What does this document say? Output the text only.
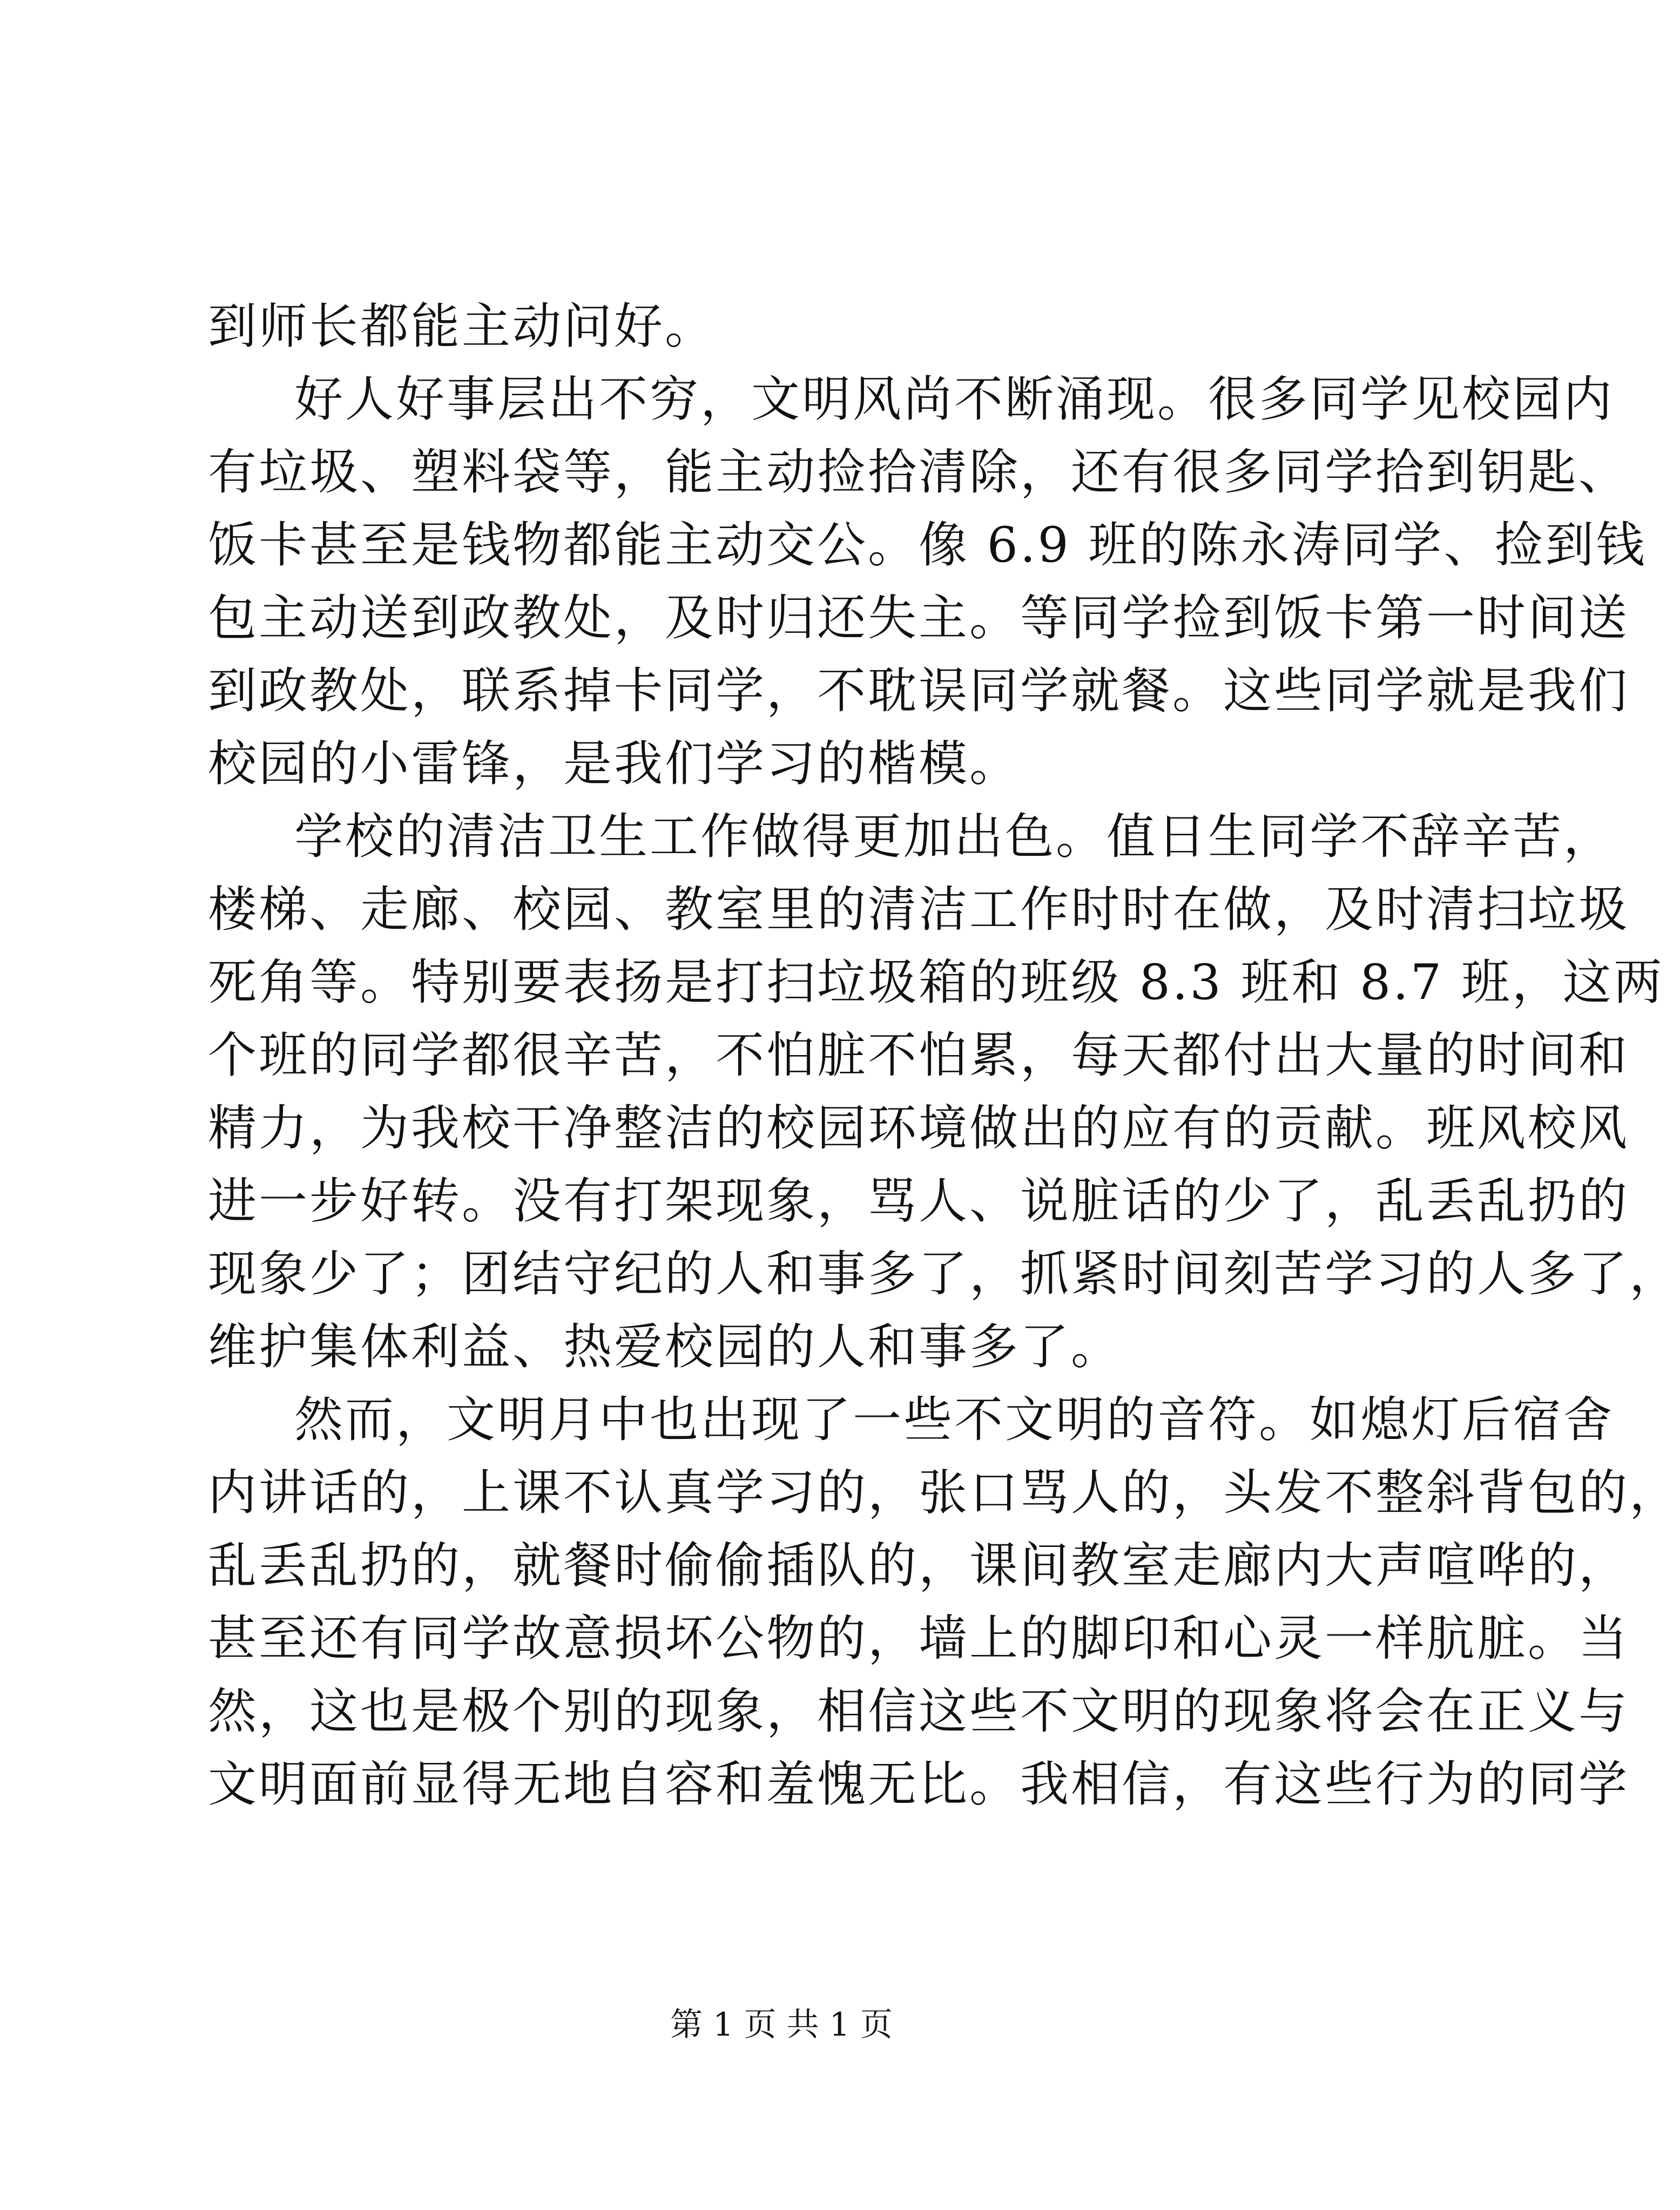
到师长都能主动问好。
好人好事层出不穷，文明风尚不断涌现。很多同学见校园内
有垃圾、塑料袋等，能主动捡拾清除，还有很多同学拾到钥匙、
饭卡甚至是钱物都能主动交公。像 6.9 班的陈永涛同学、捡到钱
包主动送到政教处，及时归还失主。等同学捡到饭卡第一时间送
到政教处，联系掉卡同学，不耽误同学就餐。这些同学就是我们
校园的小雷锋，是我们学习的楷模。
学校的清洁卫生工作做得更加出色。值日生同学不辞辛苦，
楼梯、走廊、校园、教室里的清洁工作时时在做，及时清扫垃圾
死角等。特别要表扬是打扫垃圾箱的班级 8.3 班和 8.7 班，这两
个班的同学都很辛苦，不怕脏不怕累，每天都付出大量的时间和
精力，为我校干净整洁的校园环境做出的应有的贡献。班风校风
进一步好转。没有打架现象，骂人、说脏话的少了，乱丢乱扔的
现象少了；团结守纪的人和事多了，抓紧时间刻苦学习的人多了，
维护集体利益、热爱校园的人和事多了。
然而，文明月中也出现了一些不文明的音符。如熄灯后宿舍
内讲话的，上课不认真学习的，张口骂人的，头发不整斜背包的，
乱丢乱扔的，就餐时偷偷插队的，课间教室走廊内大声喧哗的，
甚至还有同学故意损坏公物的，墙上的脚印和心灵一样肮脏。当
然，这也是极个别的现象，相信这些不文明的现象将会在正义与
文明面前显得无地自容和羞愧无比。我相信，有这些行为的同学
第 1 页 共 1 页
